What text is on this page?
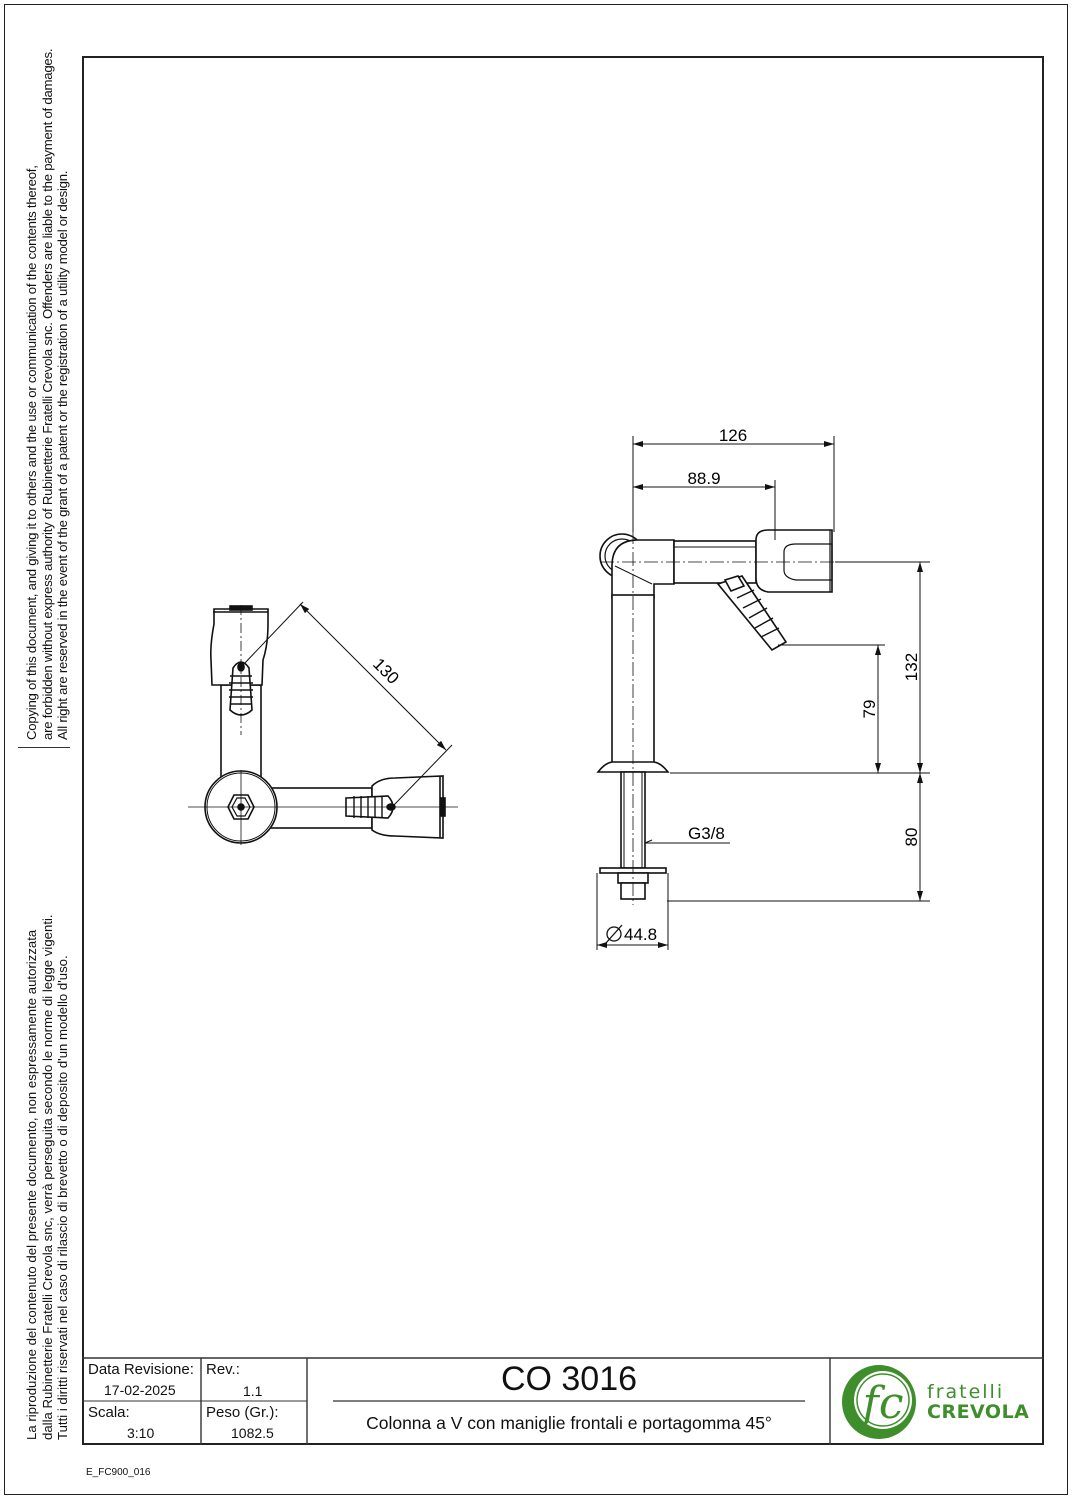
La riproduzione del contenuto del presente documento, non espressamente autorizzata dalla Rubinetterie Fratelli Crevola snc, verrà perseguita secondo le norme di legge vigenti. Tutti i diritti riservati nel caso di rilascio di brevetto o di deposito d'un modello d'uso.
Copying of this document, and giving it to others and the use or communication of the contents thereof, are forbidden without express authority of Rubinetterie Fratelli Crevola snc. Offenders are liable to the payment of damages. All right are reserved in the event of the grant of a patent or the registration of a utility model or design.	130
126
88.9
132
79
80
G3/8
44.8
fc
Data Revisione:
17-02-2025
Rev.:
1.1
Scala:
3:10
Peso (Gr.):
1082.5
CO 3016
Colonna a V con maniglie frontali e portagomma 45°
fratelli
CREVOLA
E_FC900_016
